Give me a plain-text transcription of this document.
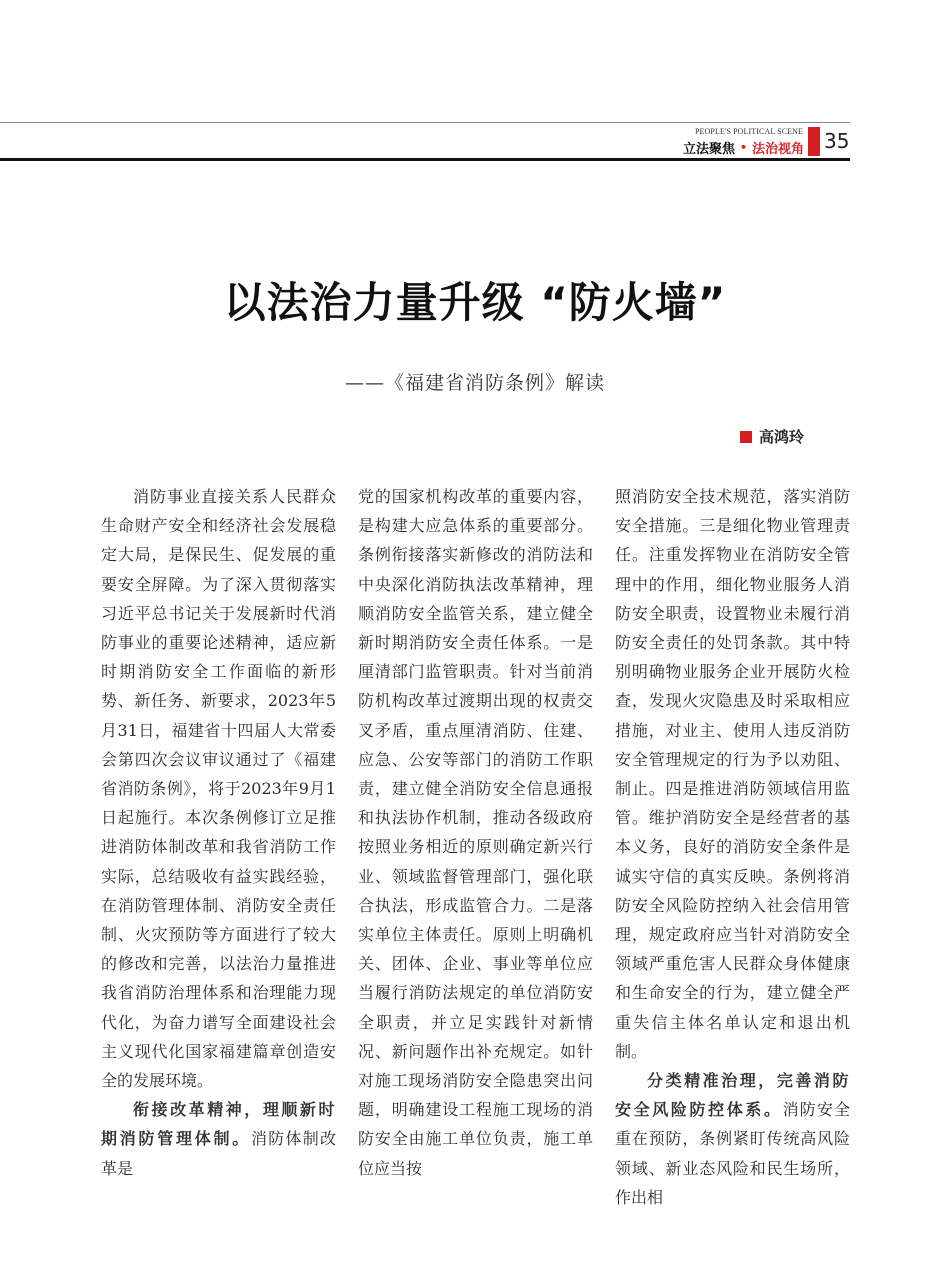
PEOPLE'S POLITICAL SCENE
立法聚焦 • 法治视角 35
以法治力量升级 “防火墙”
——《福建省消防条例》解读
高鸿玲

消防事业直接关系人民群众生命财产安全和经济社会发展稳定大局，是保民生、促发展的重要安全屏障。为了深入贯彻落实习近平总书记关于发展新时代消防事业的重要论述精神，适应新时期消防安全工作面临的新形势、新任务、新要求，2023年5月31日，福建省十四届人大常委会第四次会议审议通过了《福建省消防条例》，将于2023年9月1日起施行。本次条例修订立足推进消防体制改革和我省消防工作实际，总结吸收有益实践经验，在消防管理体制、消防安全责任制、火灾预防等方面进行了较大的修改和完善，以法治力量推进我省消防治理体系和治理能力现代化，为奋力谱写全面建设社会主义现代化国家福建篇章创造安全的发展环境。

衔接改革精神，理顺新时期消防管理体制。消防体制改革是

党的国家机构改革的重要内容，是构建大应急体系的重要部分。条例衔接落实新修改的消防法和中央深化消防执法改革精神，理顺消防安全监管关系，建立健全新时期消防安全责任体系。一是厘清部门监管职责。针对当前消防机构改革过渡期出现的权责交叉矛盾，重点厘清消防、住建、应急、公安等部门的消防工作职责，建立健全消防安全信息通报和执法协作机制，推动各级政府按照业务相近的原则确定新兴行业、领域监督管理部门，强化联合执法，形成监管合力。二是落实单位主体责任。原则上明确机关、团体、企业、事业等单位应当履行消防法规定的单位消防安全职责，并立足实践针对新情况、新问题作出补充规定。如针对施工现场消防安全隐患突出问题，明确建设工程施工现场的消防安全由施工单位负责，施工单位应当按

照消防安全技术规范，落实消防安全措施。三是细化物业管理责任。注重发挥物业在消防安全管理中的作用，细化物业服务人消防安全职责，设置物业未履行消防安全责任的处罚条款。其中特别明确物业服务企业开展防火检查，发现火灾隐患及时采取相应措施，对业主、使用人违反消防安全管理规定的行为予以劝阻、制止。四是推进消防领域信用监管。维护消防安全是经营者的基本义务，良好的消防安全条件是诚实守信的真实反映。条例将消防安全风险防控纳入社会信用管理，规定政府应当针对消防安全领域严重危害人民群众身体健康和生命安全的行为，建立健全严重失信主体名单认定和退出机制。

分类精准治理，完善消防安全风险防控体系。消防安全重在预防，条例紧盯传统高风险领域、新业态风险和民生场所，作出相
